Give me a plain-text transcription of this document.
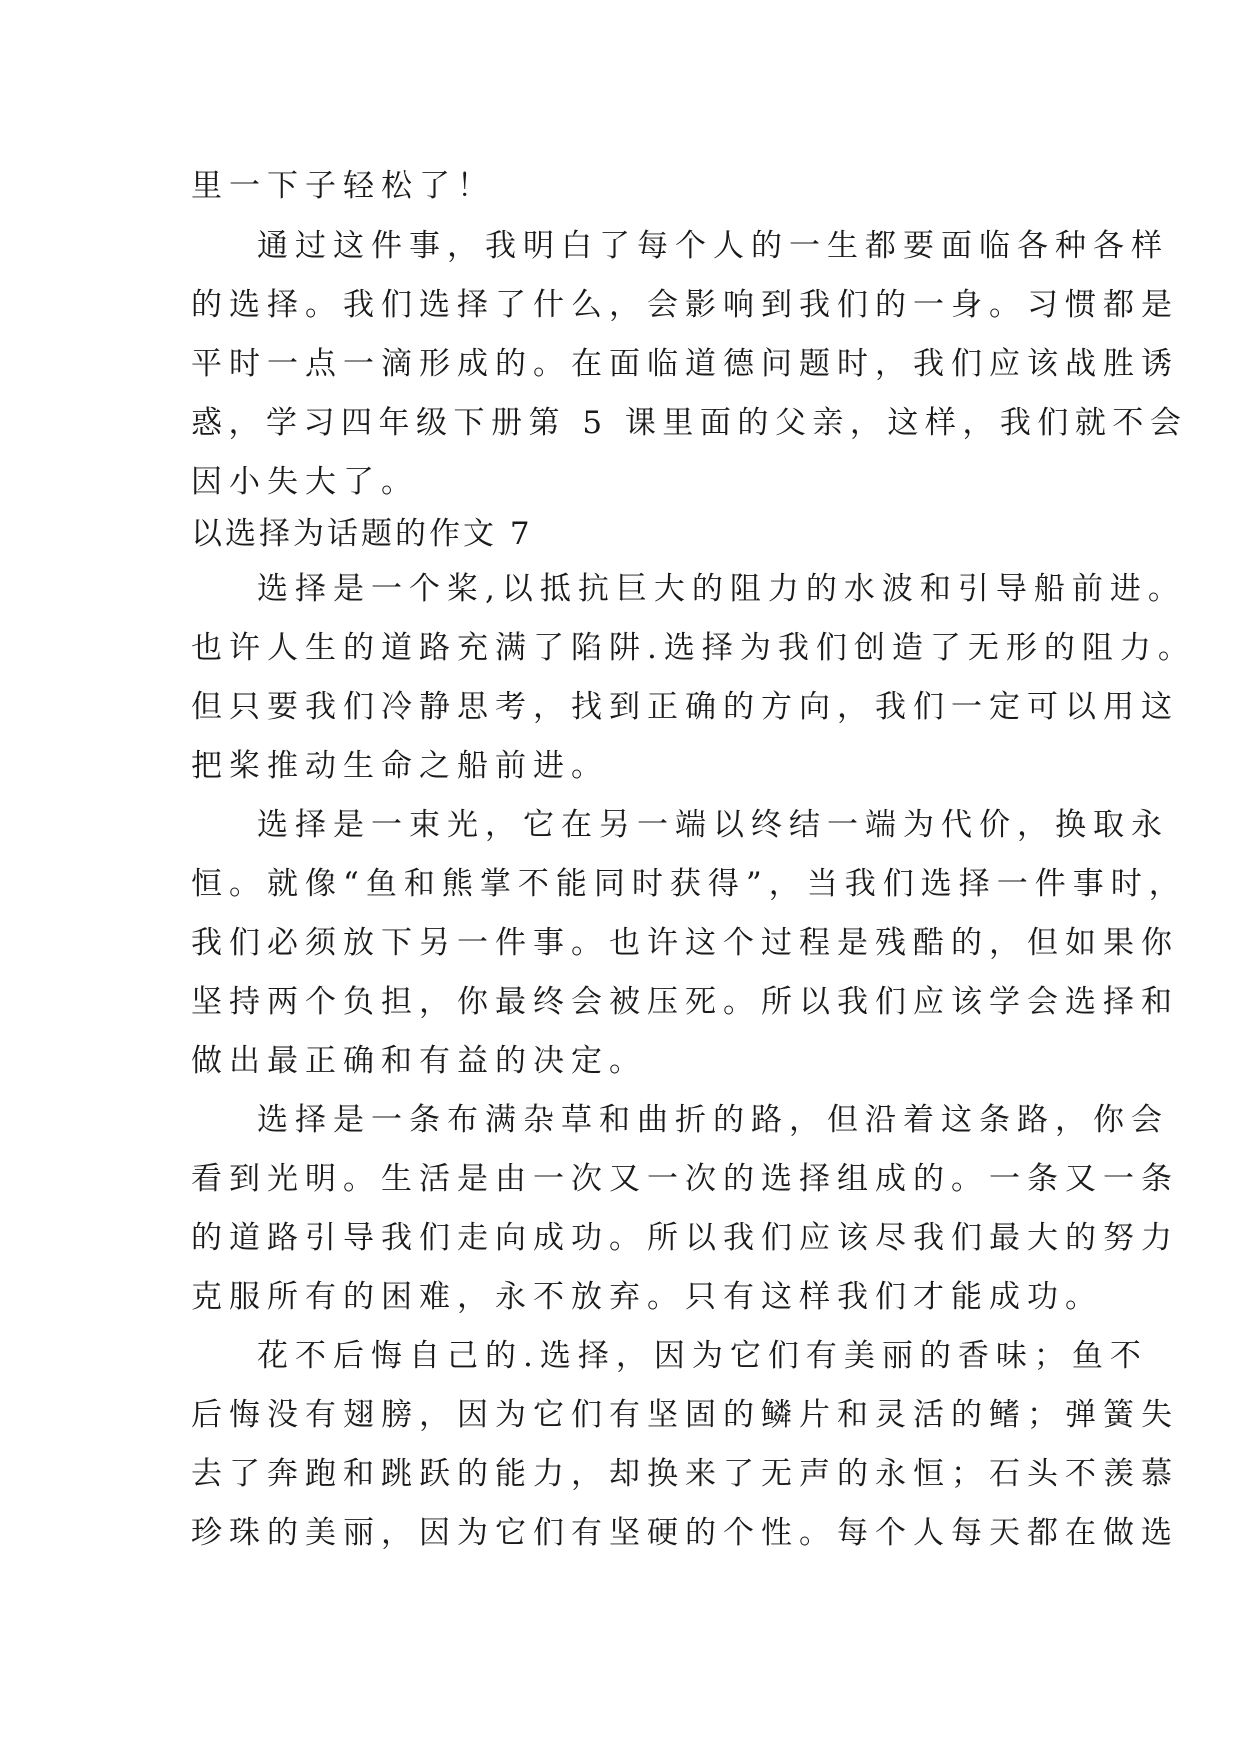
里一下子轻松了！

通过这件事，我明白了每个人的一生都要面临各种各样

的选择。我们选择了什么，会影响到我们的一身。习惯都是

平时一点一滴形成的。在面临道德问题时，我们应该战胜诱

惑，学习四年级下册第 5 课里面的父亲，这样，我们就不会

因小失大了。

以选择为话题的作文 7

选择是一个桨,以抵抗巨大的阻力的水波和引导船前进。

也许人生的道路充满了陷阱.选择为我们创造了无形的阻力。

但只要我们冷静思考，找到正确的方向，我们一定可以用这

把桨推动生命之船前进。

选择是一束光，它在另一端以终结一端为代价，换取永

恒。就像“鱼和熊掌不能同时获得”，当我们选择一件事时，

我们必须放下另一件事。也许这个过程是残酷的，但如果你

坚持两个负担，你最终会被压死。所以我们应该学会选择和

做出最正确和有益的决定。

选择是一条布满杂草和曲折的路，但沿着这条路，你会

看到光明。生活是由一次又一次的选择组成的。一条又一条

的道路引导我们走向成功。所以我们应该尽我们最大的努力

克服所有的困难，永不放弃。只有这样我们才能成功。

花不后悔自己的.选择，因为它们有美丽的香味；鱼不

后悔没有翅膀，因为它们有坚固的鳞片和灵活的鳍；弹簧失

去了奔跑和跳跃的能力，却换来了无声的永恒；石头不羡慕

珍珠的美丽，因为它们有坚硬的个性。每个人每天都在做选
